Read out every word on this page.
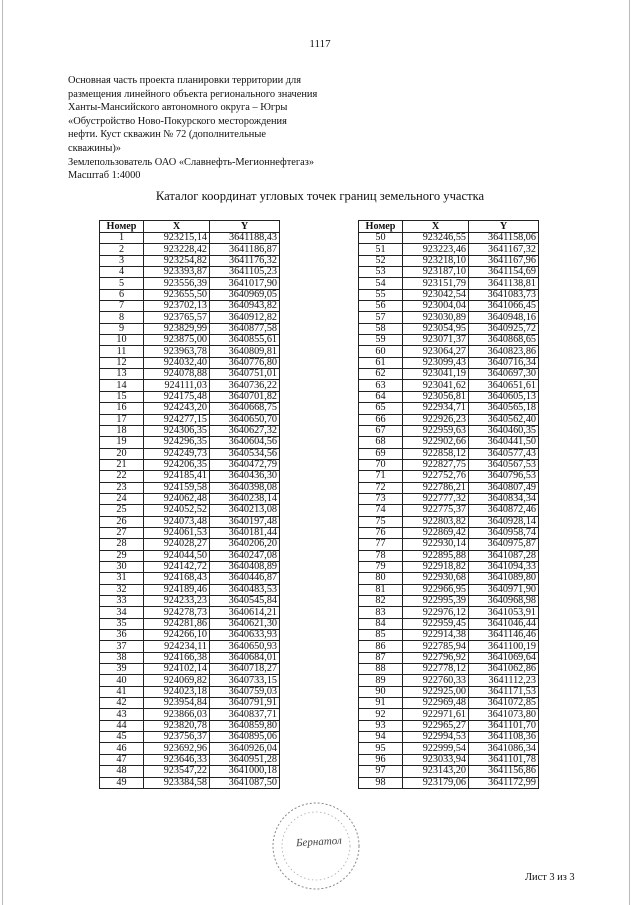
1117
Основная часть проекта планировки территории для
размещения линейного объекта регионального значения
Ханты-Мансийского автономного округа – Югры
«Обустройство Ново-Покурского месторождения
нефти. Куст скважин № 72 (дополнительные
скважины)»
Землепользователь ОАО «Славнефть-Мегионнефтегаз»
Масштаб 1:4000
Каталог координат угловых точек границ земельного участка
Номер	X	Y
1	923215,14	3641188,43
2	923228,42	3641186,87
3	923254,82	3641176,32
4	923393,87	3641105,23
5	923556,39	3641017,90
6	923655,50	3640969,05
7	923702,13	3640943,82
8	923765,57	3640912,82
9	923829,99	3640877,58
10	923875,00	3640855,61
11	923963,78	3640809,81
12	924032,40	3640776,80
13	924078,88	3640751,01
14	924111,03	3640736,22
15	924175,48	3640701,82
16	924243,20	3640668,75
17	924277,15	3640650,70
18	924306,35	3640627,32
19	924296,35	3640604,56
20	924249,73	3640534,56
21	924206,35	3640472,79
22	924185,41	3640436,30
23	924159,58	3640398,08
24	924062,48	3640238,14
25	924052,52	3640213,08
26	924073,48	3640197,48
27	924061,53	3640181,44
28	924028,27	3640206,20
29	924044,50	3640247,08
30	924142,72	3640408,89
31	924168,43	3640446,87
32	924189,46	3640483,53
33	924233,23	3640545,84
34	924278,73	3640614,21
35	924281,86	3640621,30
36	924266,10	3640633,93
37	924234,11	3640650,93
38	924166,38	3640684,01
39	924102,14	3640718,27
40	924069,82	3640733,15
41	924023,18	3640759,03
42	923954,84	3640791,91
43	923866,03	3640837,71
44	923820,78	3640859,80
45	923756,37	3640895,06
46	923692,96	3640926,04
47	923646,33	3640951,28
48	923547,22	3641000,18
49	923384,58	3641087,50
Номер	X	Y
50	923246,55	3641158,06
51	923223,46	3641167,32
52	923218,10	3641167,96
53	923187,10	3641154,69
54	923151,79	3641138,81
55	923042,54	3641083,73
56	923004,04	3641066,45
57	923030,89	3640948,16
58	923054,95	3640925,72
59	923071,37	3640868,65
60	923064,27	3640823,86
61	923099,43	3640716,34
62	923041,19	3640697,30
63	923041,62	3640651,61
64	923056,81	3640605,13
65	922934,71	3640565,18
66	922926,23	3640562,40
67	922959,63	3640460,35
68	922902,66	3640441,50
69	922858,12	3640577,43
70	922827,75	3640567,53
71	922752,76	3640796,53
72	922786,21	3640807,49
73	922777,32	3640834,34
74	922775,37	3640872,46
75	922803,82	3640928,14
76	922869,42	3640958,74
77	922930,14	3640975,87
78	922895,88	3641087,28
79	922918,82	3641094,33
80	922930,68	3641089,80
81	922966,95	3640971,90
82	922995,39	3640968,98
83	922976,12	3641053,91
84	922959,45	3641046,44
85	922914,38	3641146,46
86	922785,94	3641100,19
87	922796,92	3641069,64
88	922778,12	3641062,86
89	922760,33	3641112,23
90	922925,00	3641171,53
91	922969,48	3641072,85
92	922971,61	3641073,80
93	922965,27	3641101,70
94	922994,53	3641108,36
95	922999,54	3641086,34
96	923033,94	3641101,78
97	923143,20	3641156,86
98	923179,06	3641172,99
Бернатол
Лист 3 из 3
